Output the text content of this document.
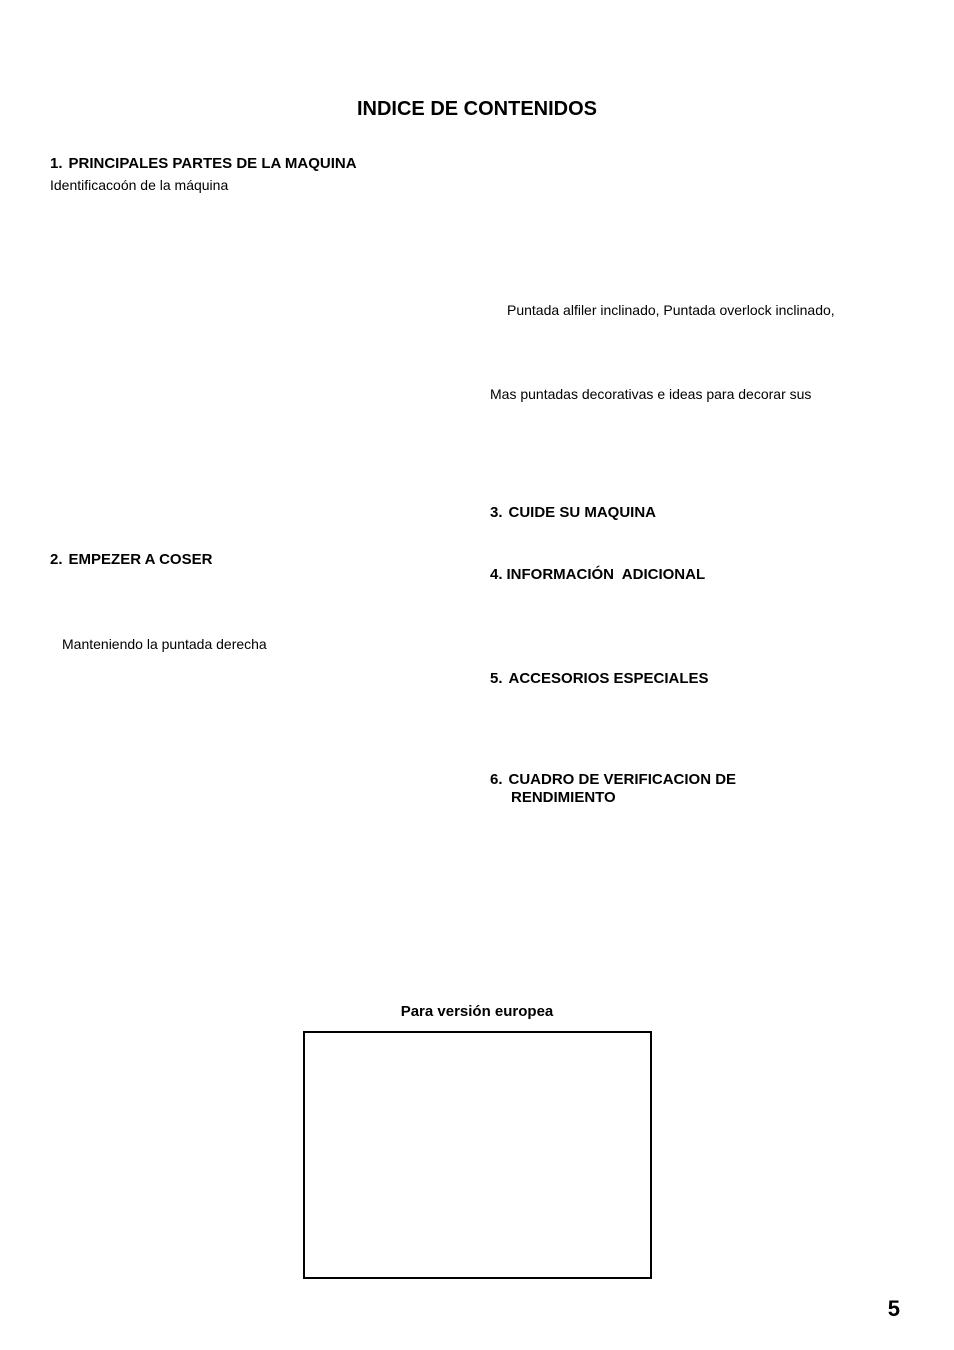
INDICE DE CONTENIDOS
1. PRINCIPALES PARTES DE LA MAQUINA
Identificacoón de la máquina
2. EMPEZER A COSER
Manteniendo la puntada derecha
Puntada alfiler inclinado, Puntada overlock inclinado,
Mas puntadas decorativas e ideas para decorar sus
3. CUIDE SU MAQUINA
4. INFORMACIÓN  ADICIONAL
5. ACCESORIOS ESPECIALES
6. CUADRO DE VERIFICACION DE
RENDIMIENTO
Para versión europea
5
